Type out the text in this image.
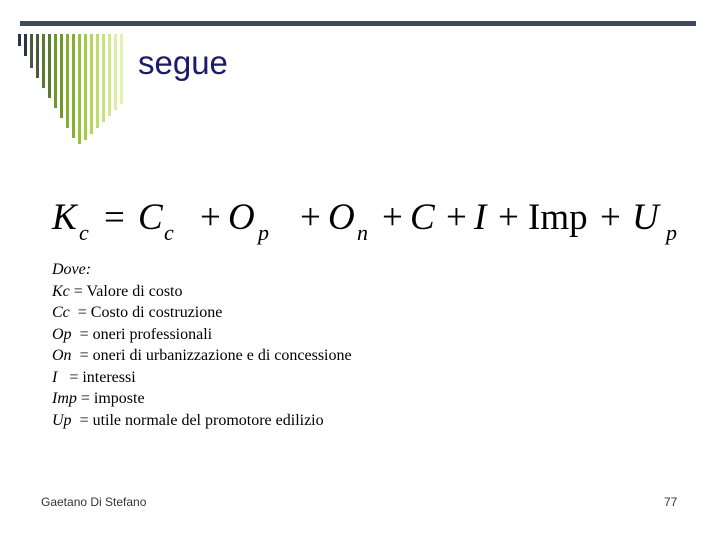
segue
K c = C c + O p + O n + C + I + Imp + U p
Dove:
Kc = Valore di costo
Cc  = Costo di costruzione
Op  = oneri professionali
On  = oneri di urbanizzazione e di concessione
I   = interessi
Imp = imposte
Up  = utile normale del promotore edilizio
Gaetano Di Stefano	77
